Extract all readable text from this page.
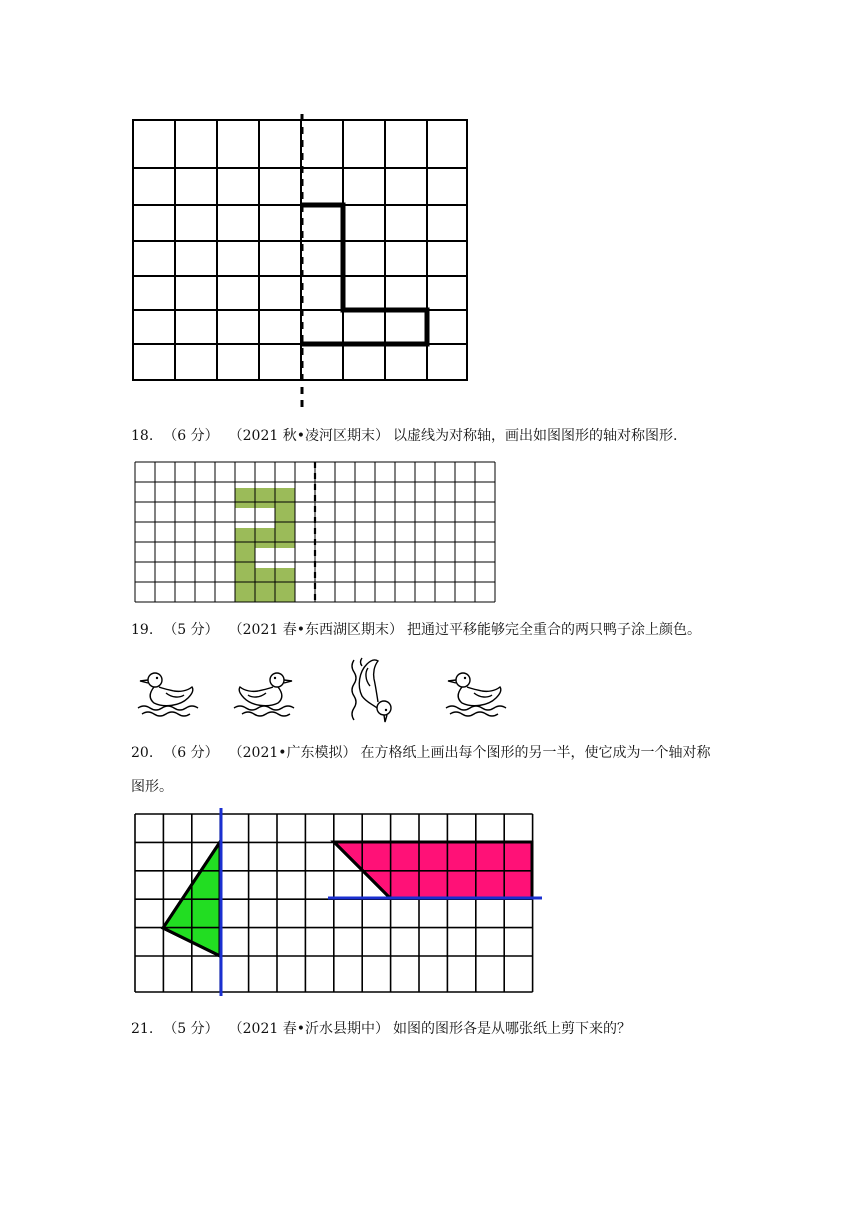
18. （6 分） （2021 秋•凌河区期末） 以虚线为对称轴，画出如图图形的轴对称图形.
19. （5 分） （2021 春•东西湖区期末） 把通过平移能够完全重合的两只鸭子涂上颜色。
20. （6 分） （2021•广东模拟） 在方格纸上画出每个图形的另一半，使它成为一个轴对称
图形。
21. （5 分） （2021 春•沂水县期中） 如图的图形各是从哪张纸上剪下来的？
